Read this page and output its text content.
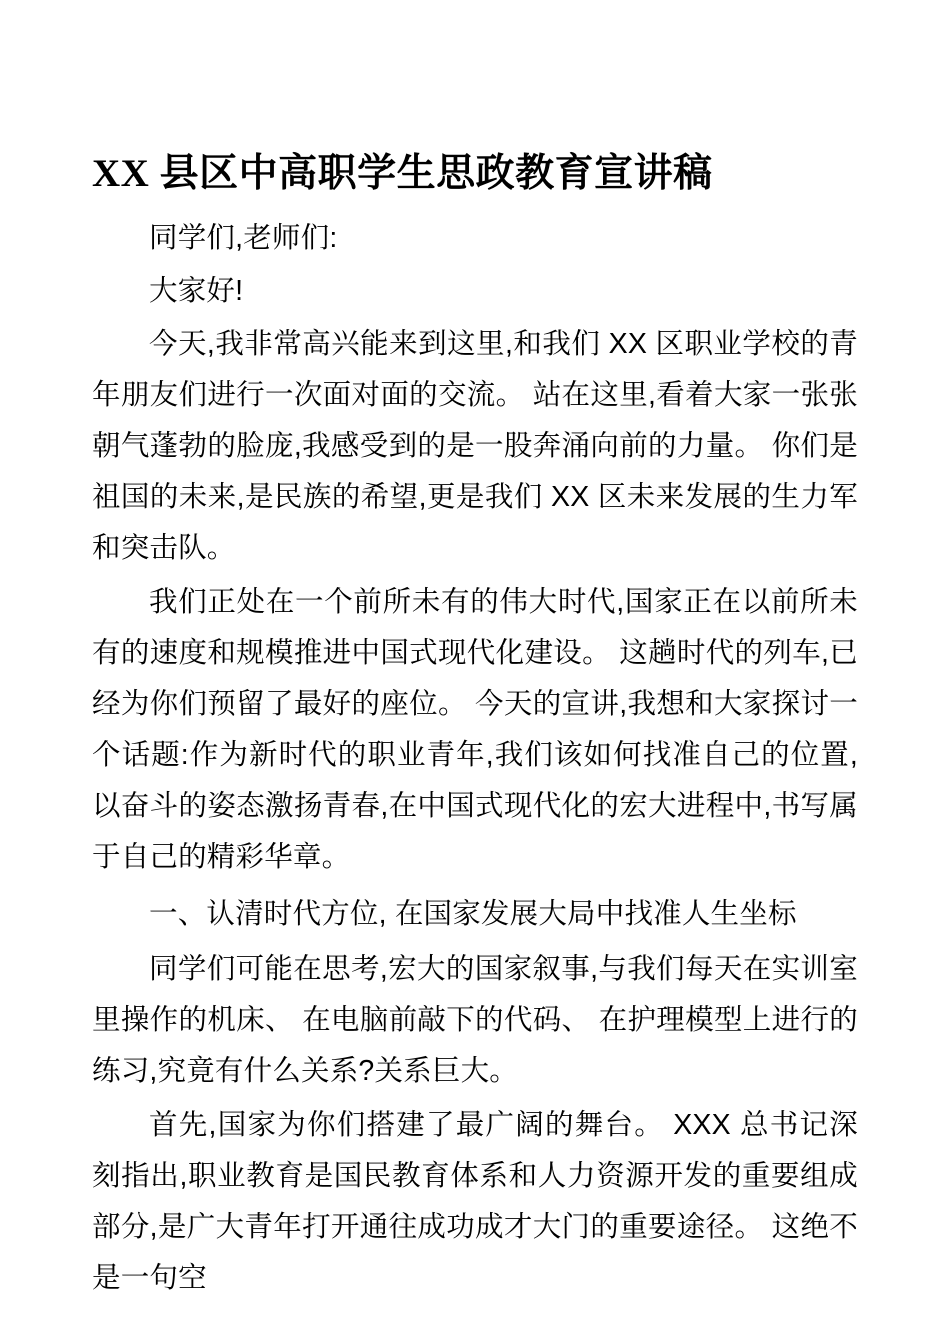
XX 县区中高职学生思政教育宣讲稿

同学们,老师们:

大家好!

今天,我非常高兴能来到这里,和我们 XX 区职业学校的青年朋友们进行一次面对面的交流。 站在这里,看着大家一张张朝气蓬勃的脸庞,我感受到的是一股奔涌向前的力量。 你们是祖国的未来,是民族的希望,更是我们 XX 区未来发展的生力军和突击队。

我们正处在一个前所未有的伟大时代,国家正在以前所未有的速度和规模推进中国式现代化建设。 这趟时代的列车,已经为你们预留了最好的座位。 今天的宣讲,我想和大家探讨一个话题:作为新时代的职业青年,我们该如何找准自己的位置,以奋斗的姿态激扬青春,在中国式现代化的宏大进程中,书写属于自己的精彩华章。

一、认清时代方位, 在国家发展大局中找准人生坐标

同学们可能在思考,宏大的国家叙事,与我们每天在实训室里操作的机床、 在电脑前敲下的代码、 在护理模型上进行的练习,究竟有什么关系?关系巨大。

首先,国家为你们搭建了最广阔的舞台。 XXX 总书记深刻指出,职业教育是国民教育体系和人力资源开发的重要组成部分,是广大青年打开通往成功成才大门的重要途径。 这绝不是一句空
